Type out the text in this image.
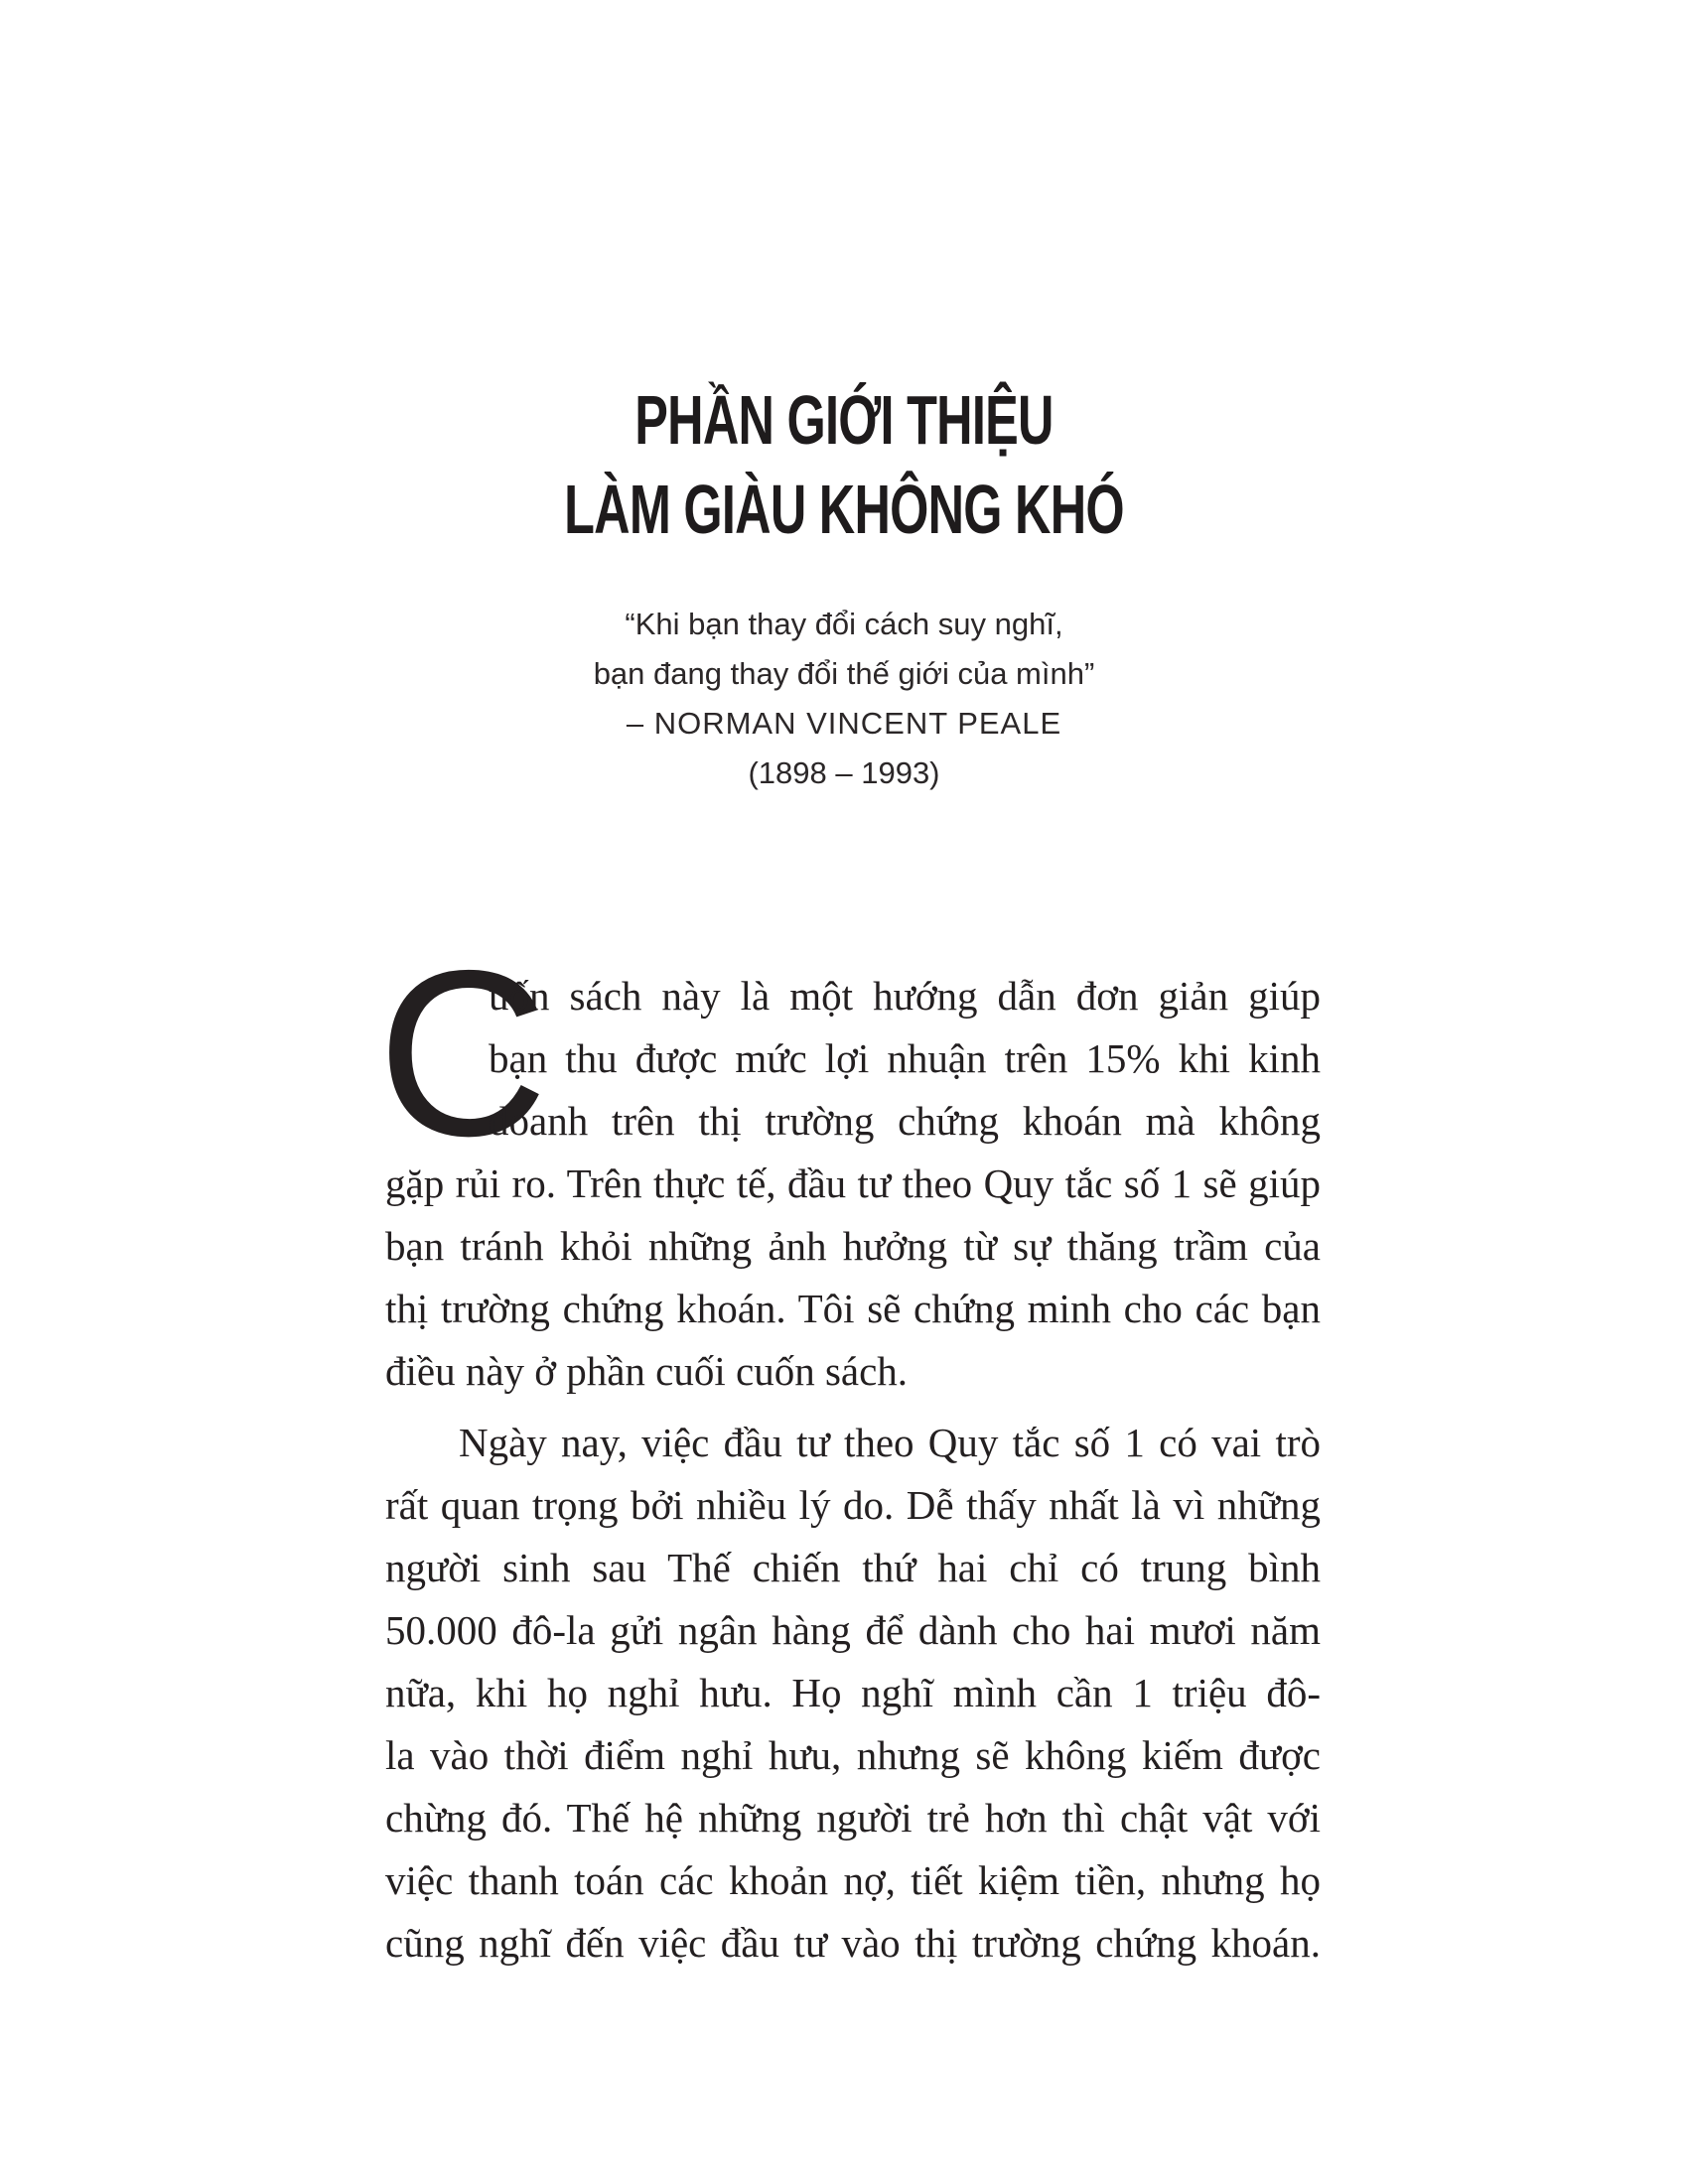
PHẦN GIỚI THIỆU
LÀM GIÀU KHÔNG KHÓ
“Khi bạn thay đổi cách suy nghĩ,
bạn đang thay đổi thế giới của mình”
– NORMAN VINCENT PEALE
(1898 – 1993)
C
uốn sách này là một hướng dẫn đơn giản giúp
bạn thu được mức lợi nhuận trên 15% khi kinh
doanh trên thị trường chứng khoán mà không
gặp rủi ro. Trên thực tế, đầu tư theo Quy tắc số 1 sẽ giúp
bạn tránh khỏi những ảnh hưởng từ sự thăng trầm của
thị trường chứng khoán. Tôi sẽ chứng minh cho các bạn
điều này ở phần cuối cuốn sách.
Ngày nay, việc đầu tư theo Quy tắc số 1 có vai trò
rất quan trọng bởi nhiều lý do. Dễ thấy nhất là vì những
người sinh sau Thế chiến thứ hai chỉ có trung bình
50.000 đô-la gửi ngân hàng để dành cho hai mươi năm
nữa, khi họ nghỉ hưu. Họ nghĩ mình cần 1 triệu đô-
la vào thời điểm nghỉ hưu, nhưng sẽ không kiếm được
chừng đó. Thế hệ những người trẻ hơn thì chật vật với
việc thanh toán các khoản nợ, tiết kiệm tiền, nhưng họ
cũng nghĩ đến việc đầu tư vào thị trường chứng khoán.
